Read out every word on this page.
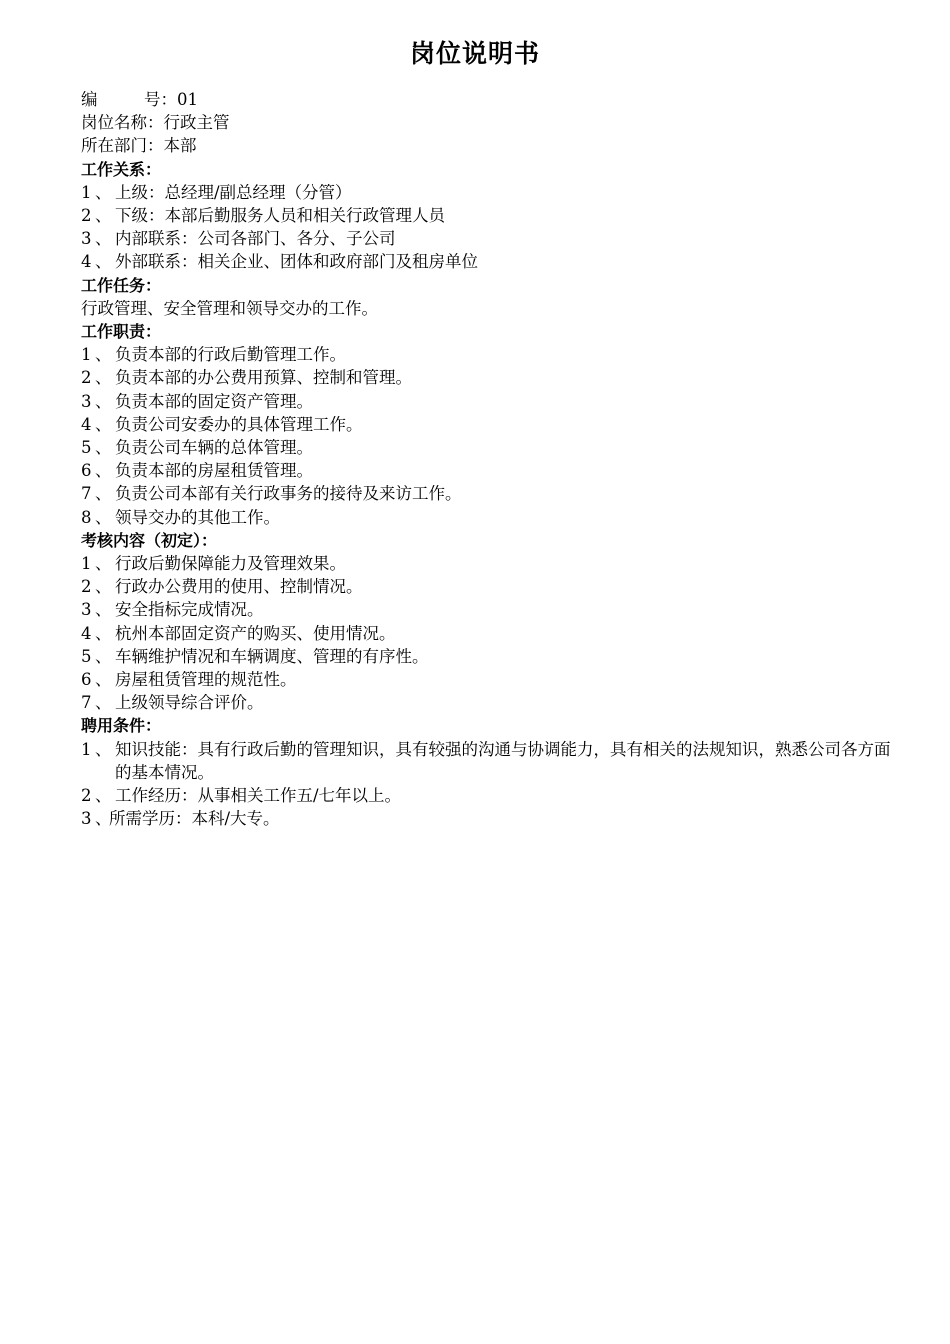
岗位说明书
编	号： 01
岗位名称： 行政主管
所在部门： 本部
工作关系：
1 、 上级：总经理/副总经理（分管）
2 、 下级：本部后勤服务人员和相关行政管理人员
3 、 内部联系：公司各部门、各分、子公司
4 、 外部联系：相关企业、团体和政府部门及租房单位
工作任务：
行政管理、安全管理和领导交办的工作。
工作职责：
1 、 负责本部的行政后勤管理工作。
2 、 负责本部的办公费用预算、控制和管理。
3 、 负责本部的固定资产管理。
4 、 负责公司安委办的具体管理工作。
5 、 负责公司车辆的总体管理。
6 、 负责本部的房屋租赁管理。
7 、 负责公司本部有关行政事务的接待及来访工作。
8 、 领导交办的其他工作。
考核内容（初定）：
1 、 行政后勤保障能力及管理效果。
2 、 行政办公费用的使用、控制情况。
3 、 安全指标完成情况。
4 、 杭州本部固定资产的购买、使用情况。
5 、 车辆维护情况和车辆调度、管理的有序性。
6 、 房屋租赁管理的规范性。
7 、 上级领导综合评价。
聘用条件：
1 、 知识技能：具有行政后勤的管理知识，具有较强的沟通与协调能力，具有相关的法规知识，熟悉公司各方面的基本情况。
2 、 工作经历：从事相关工作五/七年以上。
3 、
所需学历：本科/大专。
